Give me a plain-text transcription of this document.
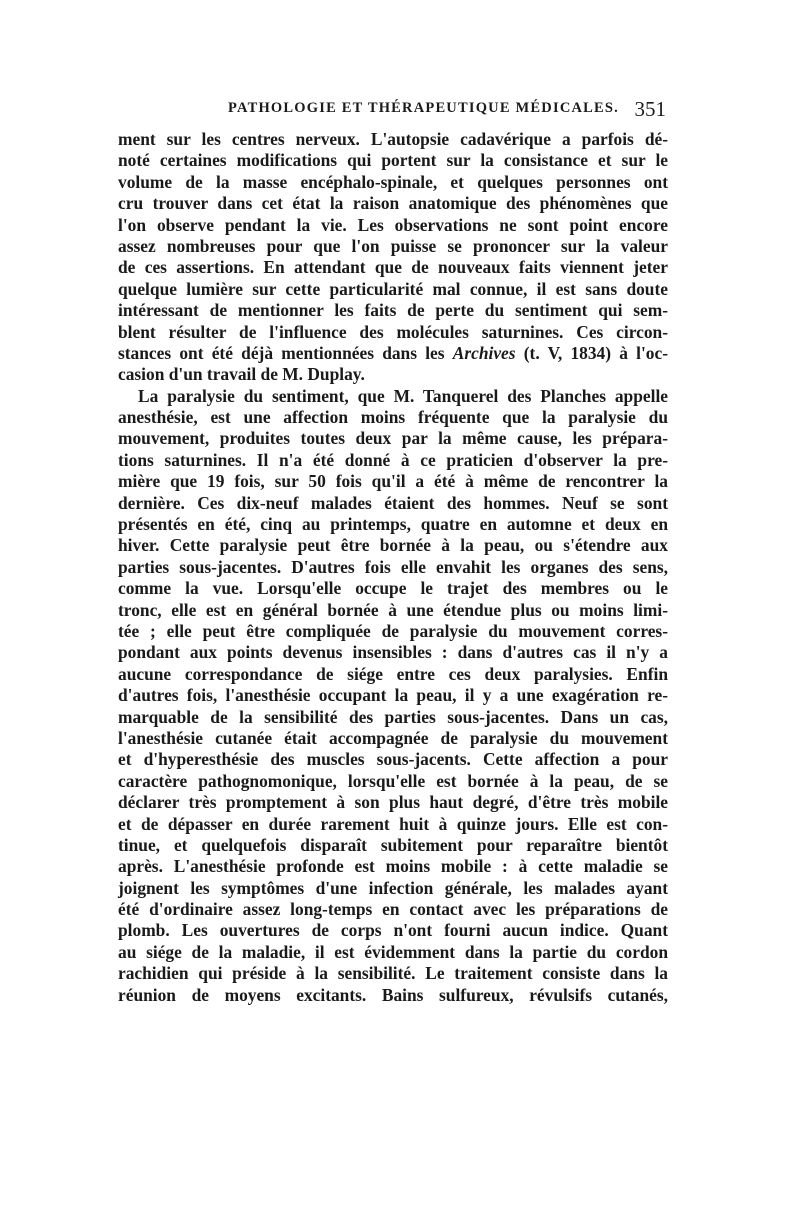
PATHOLOGIE ET THÉRAPEUTIQUE MÉDICALES. 351
ment sur les centres nerveux. L'autopsie cadavérique a parfois dé-
noté certaines modifications qui portent sur la consistance et sur le
volume de la masse encéphalo-spinale, et quelques personnes ont
cru trouver dans cet état la raison anatomique des phénomènes que
l'on observe pendant la vie. Les observations ne sont point encore
assez nombreuses pour que l'on puisse se prononcer sur la valeur
de ces assertions. En attendant que de nouveaux faits viennent jeter
quelque lumière sur cette particularité mal connue, il est sans doute
intéressant de mentionner les faits de perte du sentiment qui sem-
blent résulter de l'influence des molécules saturnines. Ces circon-
stances ont été déjà mentionnées dans les Archives (t. V, 1834) à l'oc-
casion d'un travail de M. Duplay.
La paralysie du sentiment, que M. Tanquerel des Planches appelle
anesthésie, est une affection moins fréquente que la paralysie du
mouvement, produites toutes deux par la même cause, les prépara-
tions saturnines. Il n'a été donné à ce praticien d'observer la pre-
mière que 19 fois, sur 50 fois qu'il a été à même de rencontrer la
dernière. Ces dix-neuf malades étaient des hommes. Neuf se sont
présentés en été, cinq au printemps, quatre en automne et deux en
hiver. Cette paralysie peut être bornée à la peau, ou s'étendre aux
parties sous-jacentes. D'autres fois elle envahit les organes des sens,
comme la vue. Lorsqu'elle occupe le trajet des membres ou le
tronc, elle est en général bornée à une étendue plus ou moins limi-
tée ; elle peut être compliquée de paralysie du mouvement corres-
pondant aux points devenus insensibles : dans d'autres cas il n'y a
aucune correspondance de siége entre ces deux paralysies. Enfin
d'autres fois, l'anesthésie occupant la peau, il y a une exagération re-
marquable de la sensibilité des parties sous-jacentes. Dans un cas,
l'anesthésie cutanée était accompagnée de paralysie du mouvement
et d'hyperesthésie des muscles sous-jacents. Cette affection a pour
caractère pathognomonique, lorsqu'elle est bornée à la peau, de se
déclarer très promptement à son plus haut degré, d'être très mobile
et de dépasser en durée rarement huit à quinze jours. Elle est con-
tinue, et quelquefois disparaît subitement pour reparaître bientôt
après. L'anesthésie profonde est moins mobile : à cette maladie se
joignent les symptômes d'une infection générale, les malades ayant
été d'ordinaire assez long-temps en contact avec les préparations de
plomb. Les ouvertures de corps n'ont fourni aucun indice. Quant
au siége de la maladie, il est évidemment dans la partie du cordon
rachidien qui préside à la sensibilité. Le traitement consiste dans la
réunion de moyens excitants. Bains sulfureux, révulsifs cutanés,
